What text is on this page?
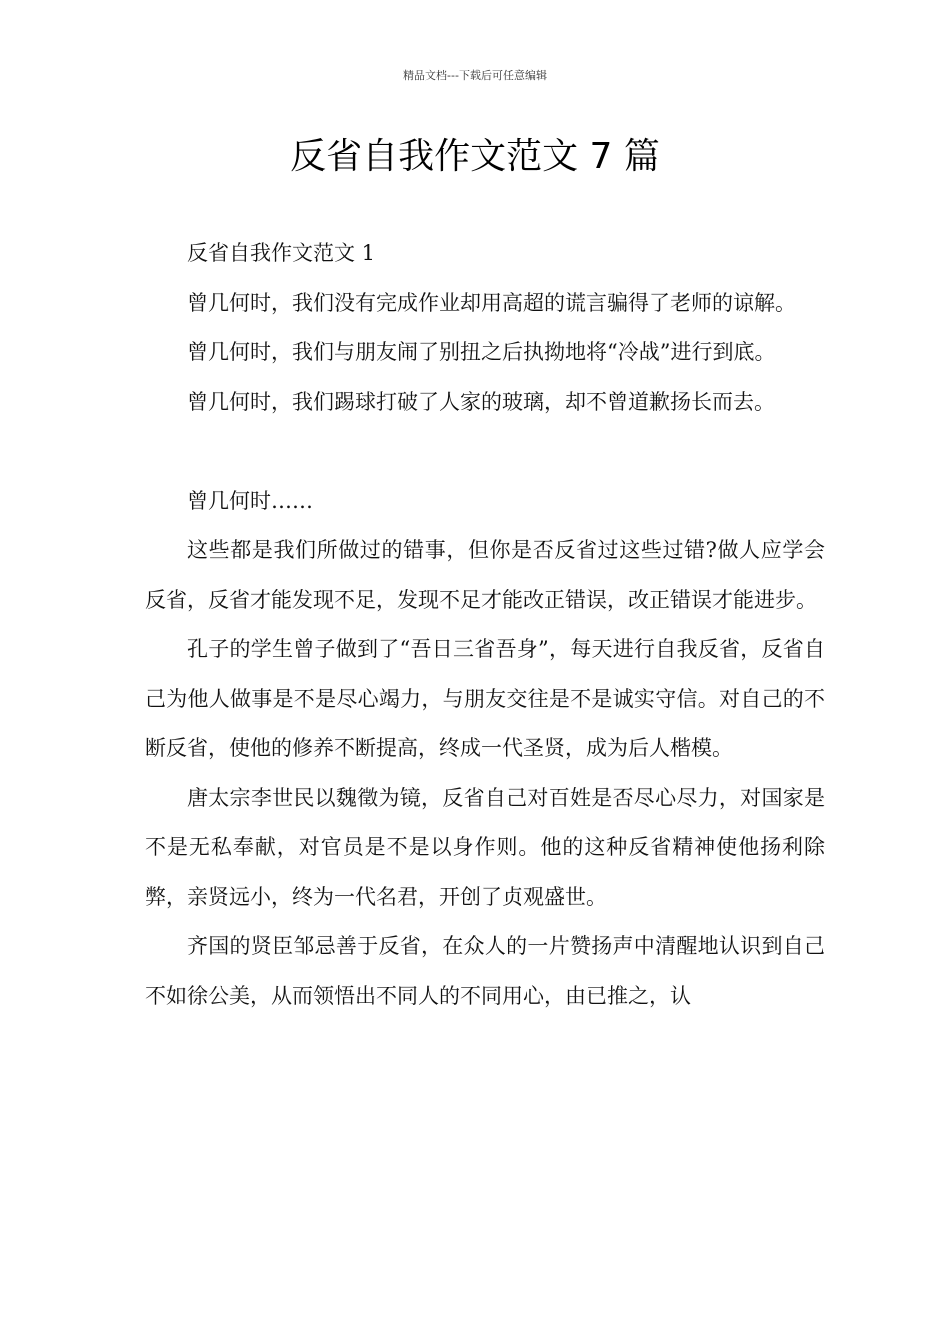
精品文档---下载后可任意编辑
反省自我作文范文 7 篇

反省自我作文范文 1

曾几何时，我们没有完成作业却用高超的谎言骗得了老师的谅解。

曾几何时，我们与朋友闹了别扭之后执拗地将“冷战”进行到底。

曾几何时，我们踢球打破了人家的玻璃，却不曾道歉扬长而去。

曾几何时……

这些都是我们所做过的错事，但你是否反省过这些过错?做人应学会反省，反省才能发现不足，发现不足才能改正错误，改正错误才能进步。

孔子的学生曾子做到了“吾日三省吾身”，每天进行自我反省，反省自己为他人做事是不是尽心竭力，与朋友交往是不是诚实守信。对自己的不断反省，使他的修养不断提高，终成一代圣贤，成为后人楷模。

唐太宗李世民以魏徵为镜，反省自己对百姓是否尽心尽力，对国家是不是无私奉献，对官员是不是以身作则。他的这种反省精神使他扬利除弊，亲贤远小，终为一代名君，开创了贞观盛世。

齐国的贤臣邹忌善于反省，在众人的一片赞扬声中清醒地认识到自己不如徐公美，从而领悟出不同人的不同用心，由已推之，认
